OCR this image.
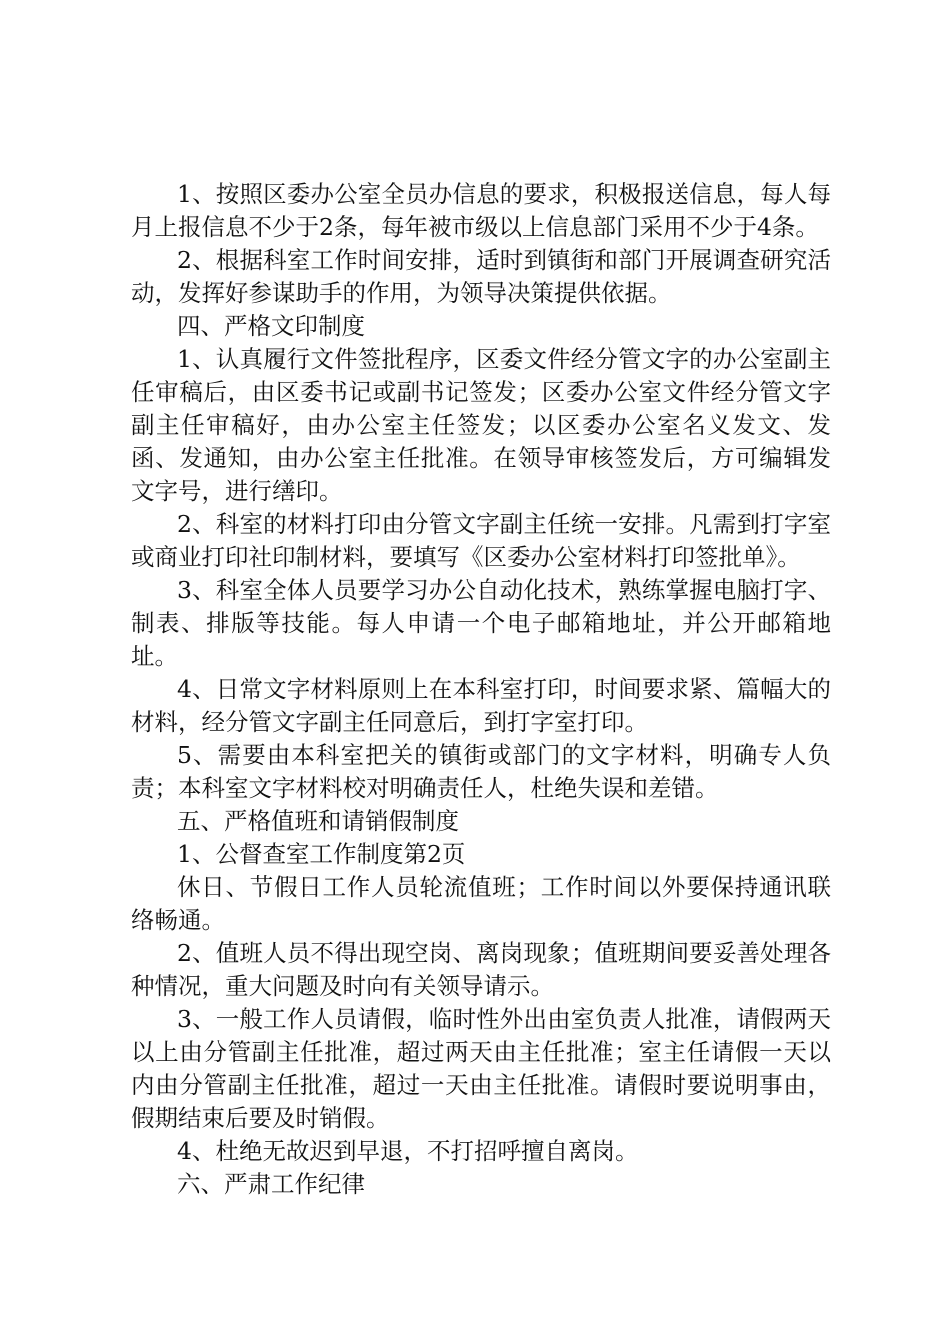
1、按照区委办公室全员办信息的要求，积极报送信息，每人每月上报信息不少于2条，每年被市级以上信息部门采用不少于4条。

2、根据科室工作时间安排，适时到镇街和部门开展调查研究活动，发挥好参谋助手的作用，为领导决策提供依据。

四、严格文印制度

1、认真履行文件签批程序，区委文件经分管文字的办公室副主任审稿后，由区委书记或副书记签发；区委办公室文件经分管文字副主任审稿好，由办公室主任签发；以区委办公室名义发文、发函、发通知，由办公室主任批准。在领导审核签发后，方可编辑发文字号，进行缮印。

2、科室的材料打印由分管文字副主任统一安排。凡需到打字室或商业打印社印制材料，要填写《区委办公室材料打印签批单》。

3、科室全体人员要学习办公自动化技术，熟练掌握电脑打字、制表、排版等技能。每人申请一个电子邮箱地址，并公开邮箱地址。

4、日常文字材料原则上在本科室打印，时间要求紧、篇幅大的材料，经分管文字副主任同意后，到打字室打印。

5、需要由本科室把关的镇街或部门的文字材料，明确专人负责；本科室文字材料校对明确责任人，杜绝失误和差错。

五、严格值班和请销假制度

1、公督查室工作制度第2页

休日、节假日工作人员轮流值班；工作时间以外要保持通讯联络畅通。

2、值班人员不得出现空岗、离岗现象；值班期间要妥善处理各种情况，重大问题及时向有关领导请示。

3、一般工作人员请假，临时性外出由室负责人批准，请假两天以上由分管副主任批准，超过两天由主任批准；室主任请假一天以内由分管副主任批准，超过一天由主任批准。请假时要说明事由，假期结束后要及时销假。

4、杜绝无故迟到早退，不打招呼擅自离岗。

六、严肃工作纪律
